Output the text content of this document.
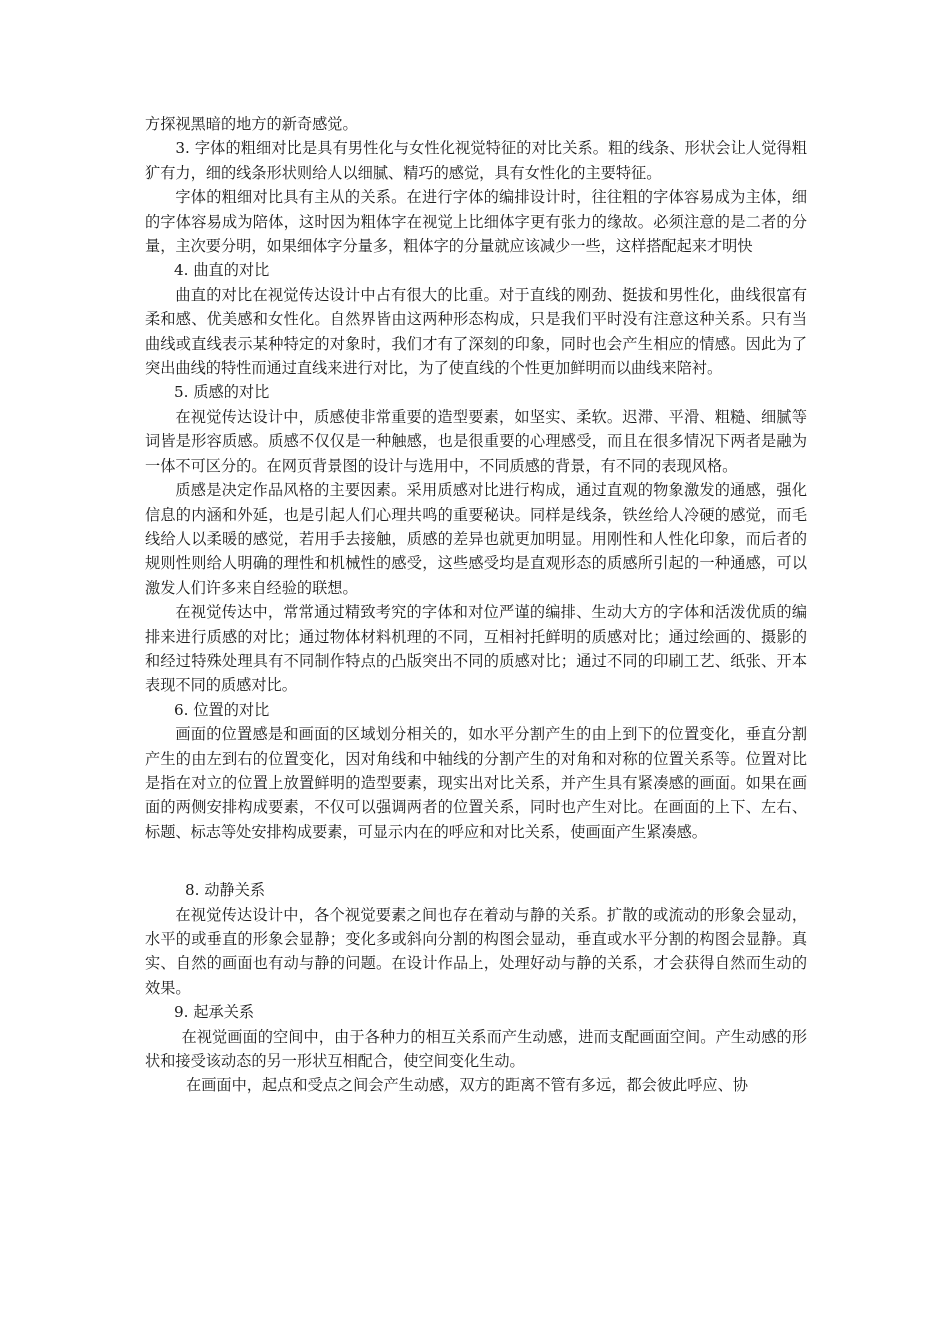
方探视黑暗的地方的新奇感觉。

3. 字体的粗细对比是具有男性化与女性化视觉特征的对比关系。粗的线条、形状会让人觉得粗犷有力，细的线条形状则给人以细腻、精巧的感觉，具有女性化的主要特征。

字体的粗细对比具有主从的关系。在进行字体的编排设计时，往往粗的字体容易成为主体，细的字体容易成为陪体，这时因为粗体字在视觉上比细体字更有张力的缘故。必须注意的是二者的分量，主次要分明，如果细体字分量多，粗体字的分量就应该减少一些，这样搭配起来才明快

4. 曲直的对比

曲直的对比在视觉传达设计中占有很大的比重。对于直线的刚劲、挺拔和男性化，曲线很富有柔和感、优美感和女性化。自然界皆由这两种形态构成，只是我们平时没有注意这种关系。只有当曲线或直线表示某种特定的对象时，我们才有了深刻的印象，同时也会产生相应的情感。因此为了突出曲线的特性而通过直线来进行对比，为了使直线的个性更加鲜明而以曲线来陪衬。

5. 质感的对比

在视觉传达设计中，质感使非常重要的造型要素，如坚实、柔软。迟滞、平滑、粗糙、细腻等词皆是形容质感。质感不仅仅是一种触感，也是很重要的心理感受，而且在很多情况下两者是融为一体不可区分的。在网页背景图的设计与选用中，不同质感的背景，有不同的表现风格。

质感是决定作品风格的主要因素。采用质感对比进行构成，通过直观的物象激发的通感，强化信息的内涵和外延，也是引起人们心理共鸣的重要秘诀。同样是线条，铁丝给人冷硬的感觉，而毛线给人以柔暖的感觉，若用手去接触，质感的差异也就更加明显。用刚性和人性化印象，而后者的规则性则给人明确的理性和机械性的感受，这些感受均是直观形态的质感所引起的一种通感，可以激发人们许多来自经验的联想。

在视觉传达中，常常通过精致考究的字体和对位严谨的编排、生动大方的字体和活泼优质的编排来进行质感的对比；通过物体材料机理的不同，互相衬托鲜明的质感对比；通过绘画的、摄影的和经过特殊处理具有不同制作特点的凸版突出不同的质感对比；通过不同的印刷工艺、纸张、开本表现不同的质感对比。

6. 位置的对比

画面的位置感是和画面的区域划分相关的，如水平分割产生的由上到下的位置变化，垂直分割产生的由左到右的位置变化，因对角线和中轴线的分割产生的对角和对称的位置关系等。位置对比是指在对立的位置上放置鲜明的造型要素，现实出对比关系，并产生具有紧凑感的画面。如果在画面的两侧安排构成要素，不仅可以强调两者的位置关系，同时也产生对比。在画面的上下、左右、标题、标志等处安排构成要素，可显示内在的呼应和对比关系，使画面产生紧凑感。

8. 动静关系

在视觉传达设计中，各个视觉要素之间也存在着动与静的关系。扩散的或流动的形象会显动，水平的或垂直的形象会显静；变化多或斜向分割的构图会显动，垂直或水平分割的构图会显静。真实、自然的画面也有动与静的问题。在设计作品上，处理好动与静的关系，才会获得自然而生动的效果。

9. 起承关系

在视觉画面的空间中，由于各种力的相互关系而产生动感，进而支配画面空间。产生动感的形状和接受该动态的另一形状互相配合，使空间变化生动。

在画面中，起点和受点之间会产生动感，双方的距离不管有多远，都会彼此呼应、协
